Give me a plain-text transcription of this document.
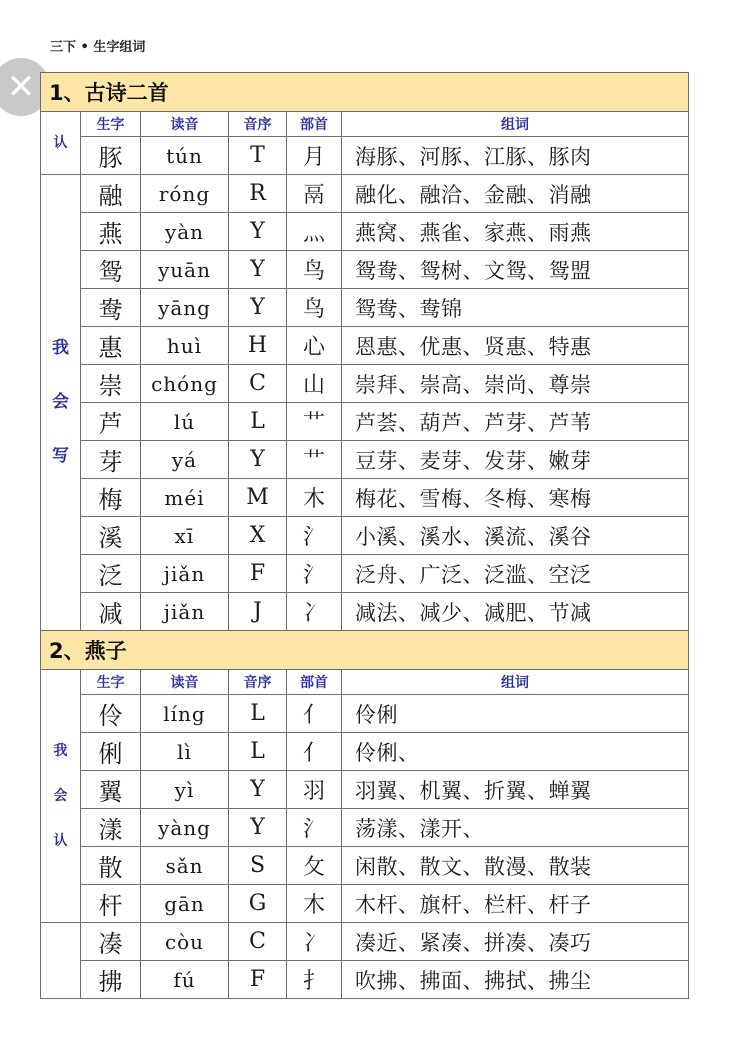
三下 • 生字组词
✕ 1、古诗二首					

认	生字	读音	音序	部首	组词
	豚	tún	T	月	海豚、河豚、江豚、豚肉

我

会

写	融	róng	R	鬲	融化、融洽、金融、消融
	燕	yàn	Y	灬	燕窝、燕雀、家燕、雨燕
	鸳	yuān	Y	鸟	鸳鸯、鸳树、文鸳、鸳盟
	鸯	yāng	Y	鸟	鸳鸯、鸯锦
	惠	huì	H	心	恩惠、优惠、贤惠、特惠
	崇	chóng	C	山	崇拜、崇高、崇尚、尊崇
	芦	lú	L	艹	芦荟、葫芦、芦芽、芦苇
	芽	yá	Y	艹	豆芽、麦芽、发芽、嫩芽
	梅	méi	M	木	梅花、雪梅、冬梅、寒梅
	溪	xī	X	氵	小溪、溪水、溪流、溪谷
	泛	jiǎn	F	氵	泛舟、广泛、泛滥、空泛
	减	jiǎn	J	冫	减法、减少、减肥、节减
2、燕子					

我

会

认	生字	读音	音序	部首	组词
	伶	líng	L	亻	伶俐
	俐	lì	L	亻	伶俐、
	翼	yì	Y	羽	羽翼、机翼、折翼、蝉翼
	漾	yàng	Y	氵	荡漾、漾开、
	散	sǎn	S	攵	闲散、散文、散漫、散装
	杆	gān	G	木	木杆、旗杆、栏杆、杆子

	凑	còu	C	冫	凑近、紧凑、拼凑、凑巧
	拂	fú	F	扌	吹拂、拂面、拂拭、拂尘
